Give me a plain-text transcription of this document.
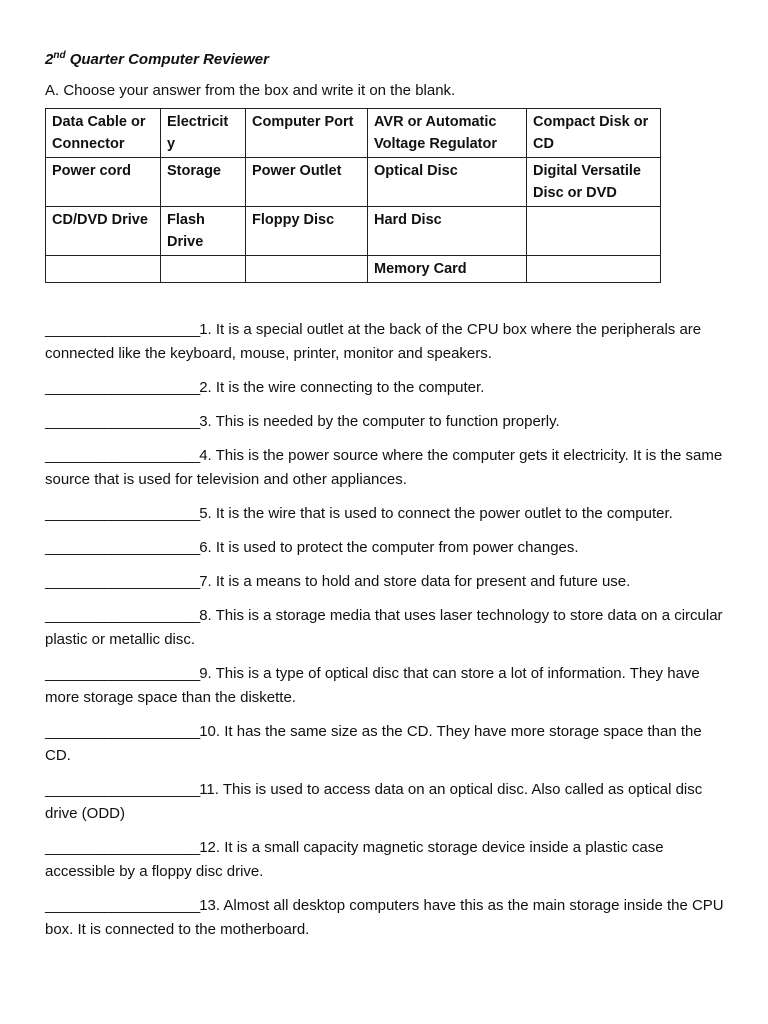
2nd Quarter Computer Reviewer
A. Choose your answer from the box and write it on the blank.
Data Cable or Connector	Electricit y	Computer Port	AVR or Automatic Voltage Regulator	Compact Disk or CD
Power cord	Storage	Power Outlet	Optical Disc	Digital Versatile Disc or DVD
CD/DVD Drive	Flash Drive	Floppy Disc	Hard Disc	
			Memory Card	
_____________________1. It is a special outlet at the back of the CPU box where the peripherals are connected like the keyboard, mouse, printer, monitor and speakers.
_____________________2. It is the wire connecting to the computer.
_____________________3. This is needed by the computer to function properly.
_____________________4. This is the power source where the computer gets it electricity. It is the same source that is used for television and other appliances.
_____________________5. It is the wire that is used to connect the power outlet to the computer.
_____________________6. It is used to protect the computer from power changes.
_____________________7. It is a means to hold and store data for present and future use.
_____________________8. This is a storage media that uses laser technology to store data on a circular plastic or metallic disc.
_____________________9. This is a type of optical disc that can store a lot of information. They have more storage space than the diskette.
_____________________10. It has the same size as the CD. They have more storage space than the CD.
_____________________11. This is used to access data on an optical disc. Also called as optical disc drive (ODD)
_____________________12. It is a small capacity magnetic storage device inside a plastic case accessible by a floppy disc drive.
_____________________13. Almost all desktop computers have this as the main storage inside the CPU box. It is connected to the motherboard.
